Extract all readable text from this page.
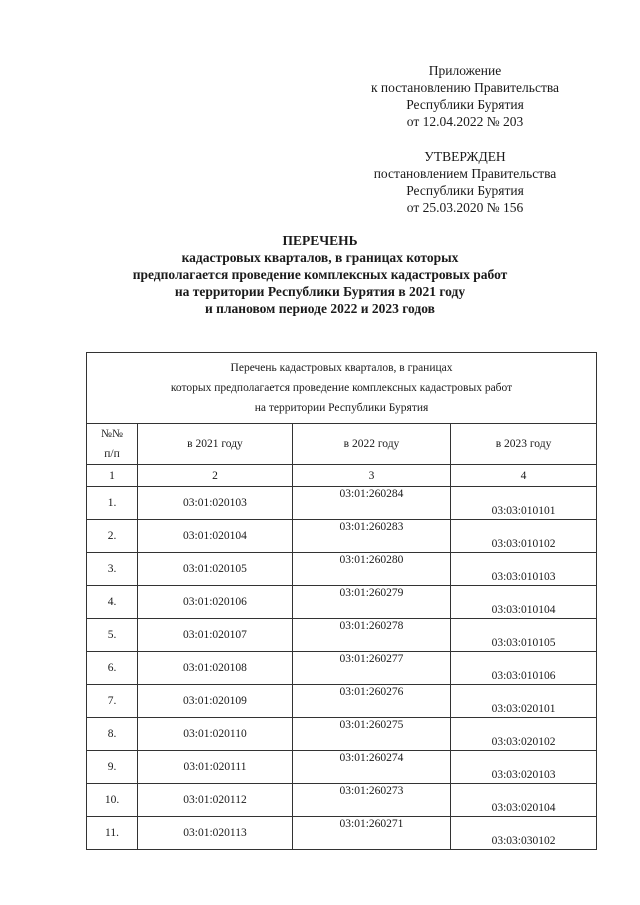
Приложение
к постановлению Правительства
Республики Бурятия
от 12.04.2022 № 203
УТВЕРЖДЕН
постановлением Правительства
Республики Бурятия
от 25.03.2020 № 156
ПЕРЕЧЕНЬ
кадастровых кварталов, в границах которых
предполагается проведение комплексных кадастровых работ
на территории Республики Бурятия в 2021 году
и плановом периоде 2022 и 2023 годов
Перечень кадастровых кварталов, в границах
которых предполагается проведение комплексных кадастровых работ
на территории Республики Бурятия			

№№
п/п	в 2021 году	в 2022 году	в 2023 году
1	2	3	4
1.	03:01:020103	03:01:260284	03:03:010101
2.	03:01:020104	03:01:260283	03:03:010102
3.	03:01:020105	03:01:260280	03:03:010103
4.	03:01:020106	03:01:260279	03:03:010104
5.	03:01:020107	03:01:260278	03:03:010105
6.	03:01:020108	03:01:260277	03:03:010106
7.	03:01:020109	03:01:260276	03:03:020101
8.	03:01:020110	03:01:260275	03:03:020102
9.	03:01:020111	03:01:260274	03:03:020103
10.	03:01:020112	03:01:260273	03:03:020104
11.	03:01:020113	03:01:260271	03:03:030102
